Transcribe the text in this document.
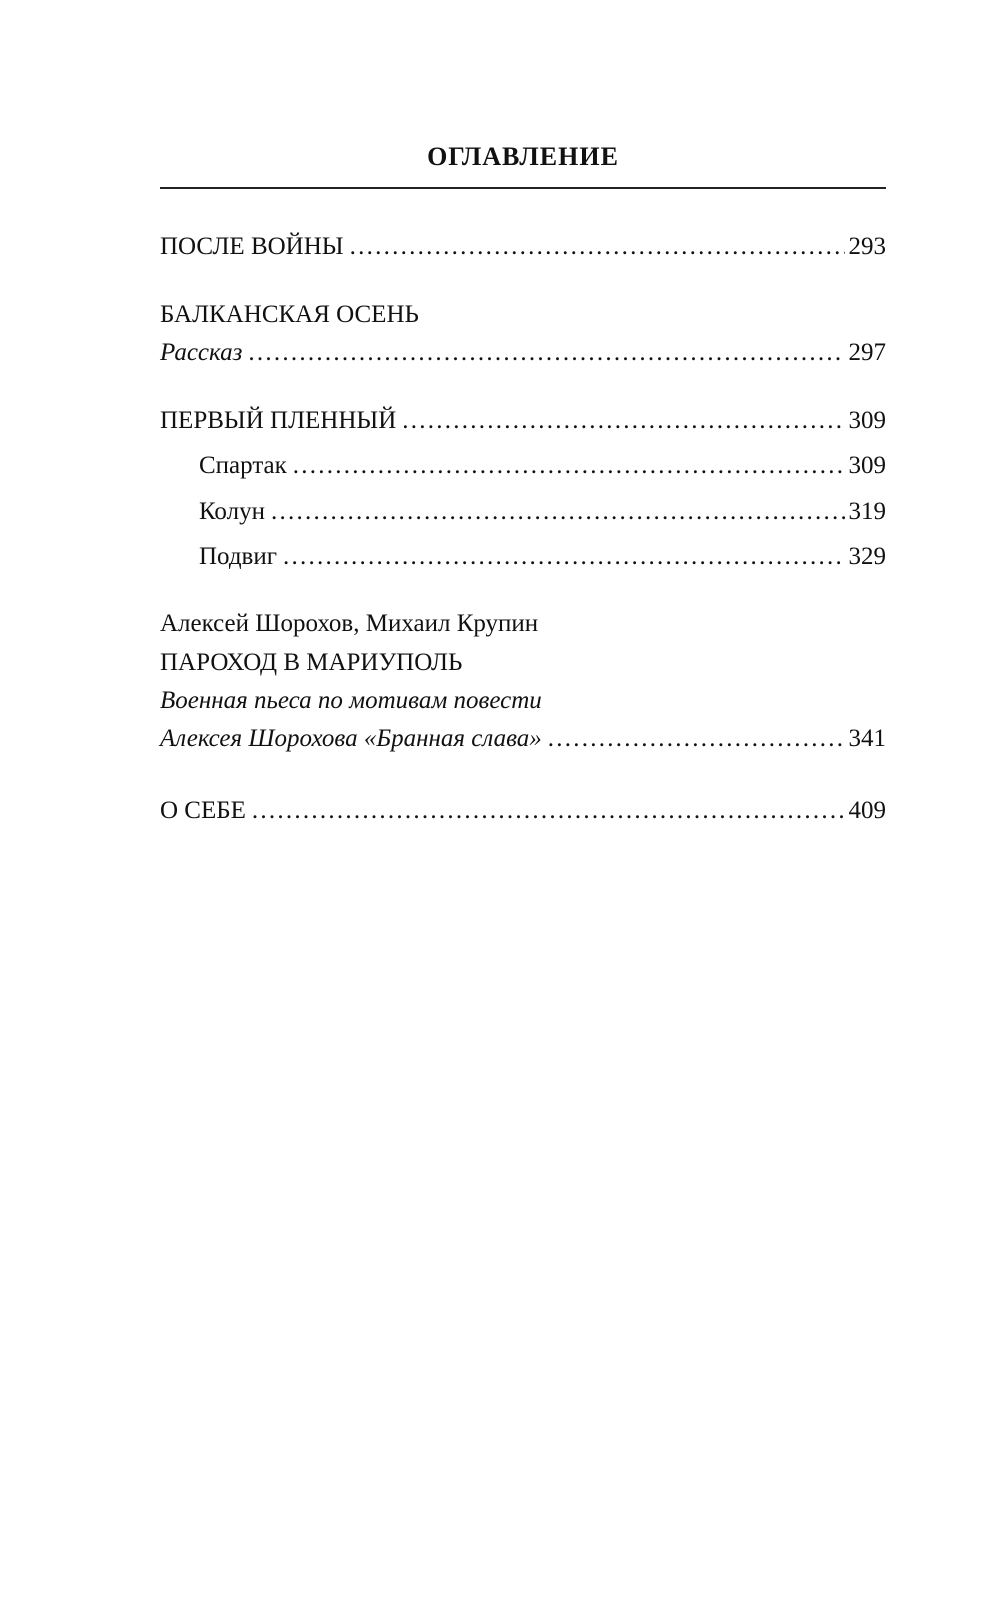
ОГЛАВЛЕНИЕ
ПОСЛЕ ВОЙНЫ . . .	293
БАЛКАНСКАЯ ОСЕНЬ
Рассказ . . .	297
ПЕРВЫЙ ПЛЕННЫЙ . . .	309
Спартак . . .	309
Колун . . .	319
Подвиг . . .	329
Алексей Шорохов, Михаил Крупин
ПАРОХОД В МАРИУПОЛЬ
Военная пьеса по мотивам повести
Алексея Шорохова «Бранная слава» . . .	341
О СЕБЕ . . .	409
